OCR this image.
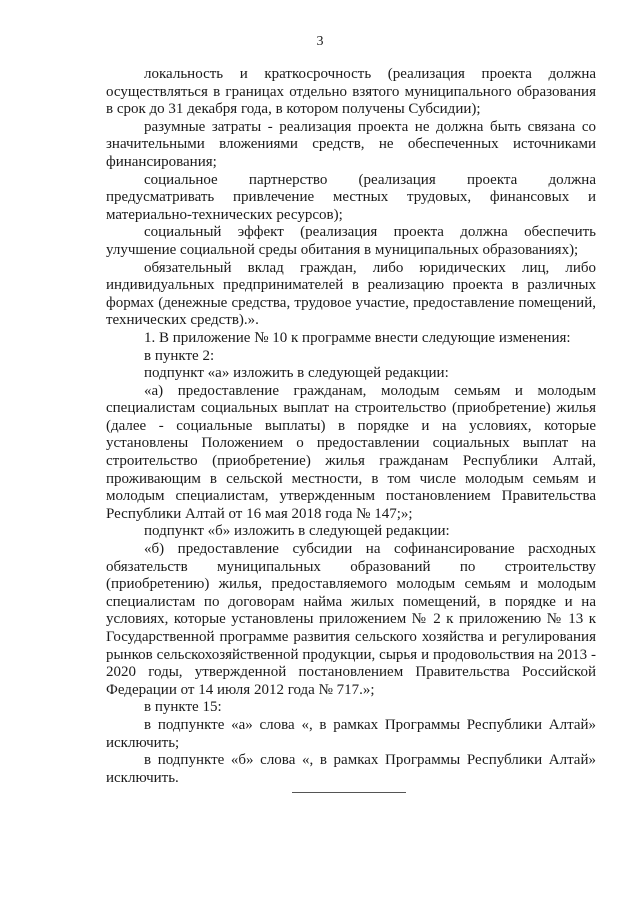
3

локальность и краткосрочность (реализация проекта должна осуществляться в границах отдельно взятого муниципального образования в срок до 31 декабря года, в котором получены Субсидии);

разумные затраты - реализация проекта не должна быть связана со значительными вложениями средств, не обеспеченных источниками финансирования;

социальное партнерство (реализация проекта должна предусматривать привлечение местных трудовых, финансовых и материально-технических ресурсов);

социальный эффект (реализация проекта должна обеспечить улучшение социальной среды обитания в муниципальных образованиях);

обязательный вклад граждан, либо юридических лиц, либо индивидуальных предпринимателей в реализацию проекта в различных формах (денежные средства, трудовое участие, предоставление помещений, технических средств).».

1. В приложение № 10 к программе внести следующие изменения:

в пункте 2:

подпункт «а» изложить в следующей редакции:

«а) предоставление гражданам, молодым семьям и молодым специалистам социальных выплат на строительство (приобретение) жилья (далее - социальные выплаты) в порядке и на условиях, которые установлены Положением о предоставлении социальных выплат на строительство (приобретение) жилья гражданам Республики Алтай, проживающим в сельской местности, в том числе молодым семьям и молодым специалистам, утвержденным постановлением Правительства Республики Алтай от 16 мая 2018 года № 147;»;

подпункт «б» изложить в следующей редакции:

«б) предоставление субсидии на софинансирование расходных обязательств муниципальных образований по строительству (приобретению) жилья, предоставляемого молодым семьям и молодым специалистам по договорам найма жилых помещений, в порядке и на условиях, которые установлены приложением № 2 к приложению № 13 к Государственной программе развития сельского хозяйства и регулирования рынков сельскохозяйственной продукции, сырья и продовольствия на 2013 - 2020 годы, утвержденной постановлением Правительства Российской Федерации от 14 июля 2012 года № 717.»;

в пункте 15:

в подпункте «а» слова «, в рамках Программы Республики Алтай» исключить;

в подпункте «б» слова «, в рамках Программы Республики Алтай» исключить.
